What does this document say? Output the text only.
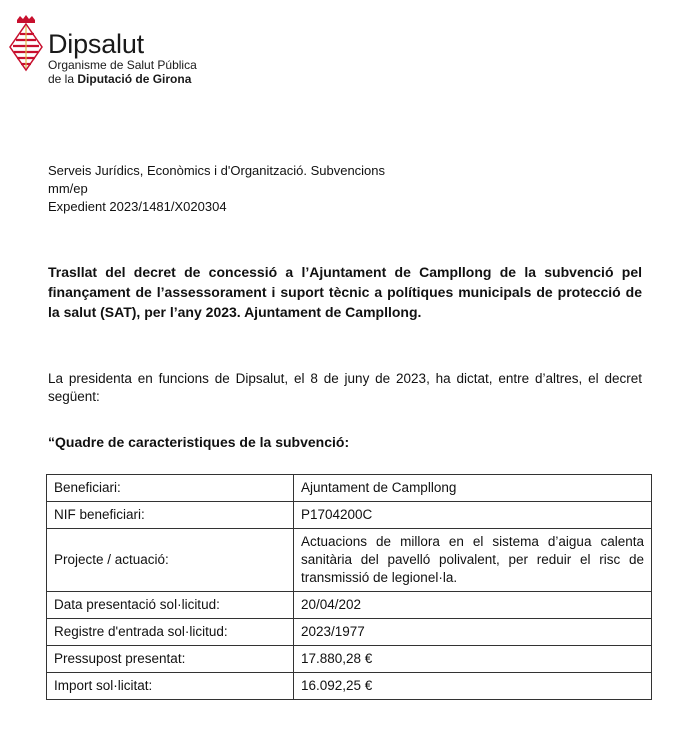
Dipsalut
Organisme de Salut Pública
de la Diputació de Girona
Serveis Jurídics, Econòmics i d'Organització. Subvencions
mm/ep
Expedient 2023/1481/X020304
Trasllat del decret de concessió a l’Ajuntament de Campllong de la subvenció pel finançament de l’assessorament i suport tècnic a polítiques municipals de protecció de la salut (SAT), per l’any 2023. Ajuntament de Campllong.
La presidenta en funcions de Dipsalut, el 8 de juny de 2023, ha dictat, entre d’altres, el decret següent:
“Quadre de caracteristiques de la subvenció:
Beneficiari:	Ajuntament de Campllong
NIF beneficiari:	P1704200C
Projecte / actuació:	Actuacions de millora en el sistema d’aigua calenta sanitària del pavelló polivalent, per reduir el risc de transmissió de legionel·la.
Data presentació sol·licitud:	20/04/202
Registre d'entrada sol·licitud:	2023/1977
Pressupost presentat:	17.880,28 €
Import sol·licitat:	16.092,25 €
